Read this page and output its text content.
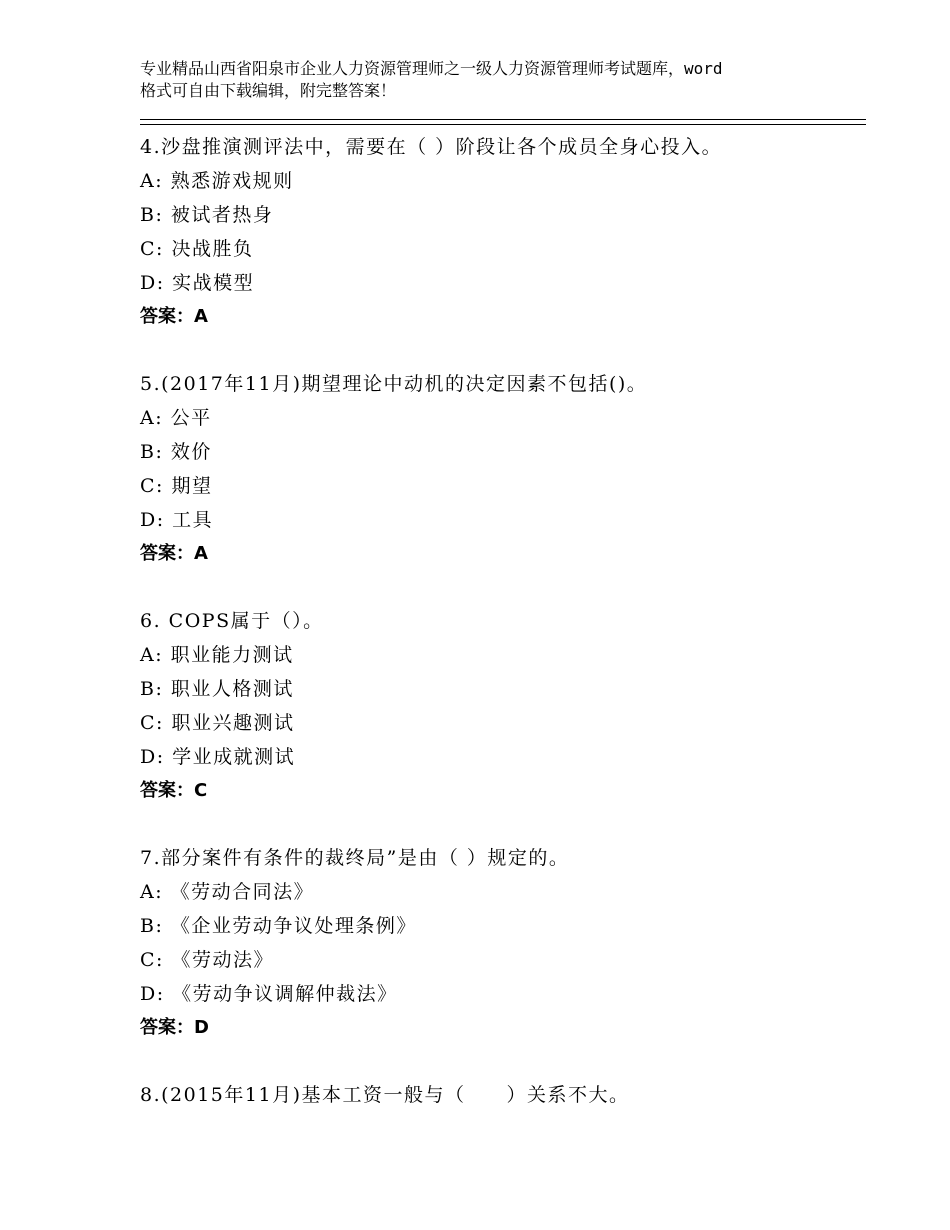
专业精品山西省阳泉市企业人力资源管理师之一级人力资源管理师考试题库，word
格式可自由下载编辑，附完整答案！
4.沙盘推演测评法中，需要在（ ）阶段让各个成员全身心投入。
A: 熟悉游戏规则
B: 被试者热身
C: 决战胜负
D: 实战模型
答案：A
5.(2017年11月)期望理论中动机的决定因素不包括()。
A: 公平
B: 效价
C: 期望
D: 工具
答案：A
6. COPS属于（）。
A: 职业能力测试
B: 职业人格测试
C: 职业兴趣测试
D: 学业成就测试
答案：C
7.部分案件有条件的裁终局”是由（ ）规定的。
A: 《劳动合同法》
B: 《企业劳动争议处理条例》
C: 《劳动法》
D: 《劳动争议调解仲裁法》
答案：D
8.(2015年11月)基本工资一般与（　　）关系不大。
